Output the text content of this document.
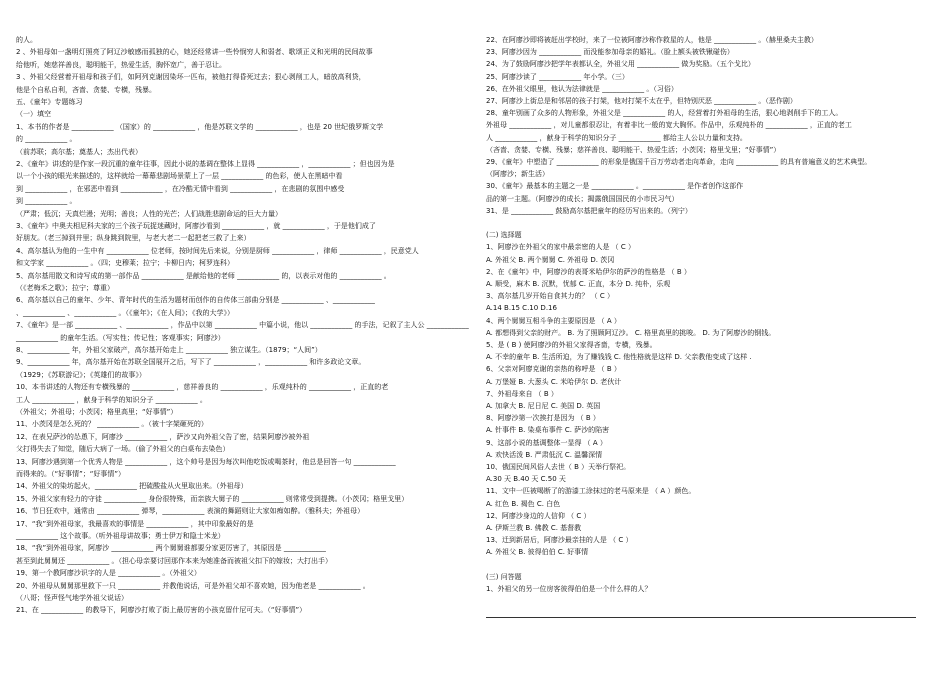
的人。
2 、外祖母如一盏明灯照亮了阿辽沙敏感而孤独的心，她还经常讲一些怜悯穷人和弱者、歌颂正义和光明的民间故事
给他听，她慈祥善良，聪明能干，热爱生活，胸怀宽广，善于忍让。
3 、外祖父经营着开祖母和孩子们，如阿列克谢因染坏一匹布，被他打得昏死过去；狠心剥削工人，暗放高利贷，
他是个自私自利，吝啬、贪婪、专横，残暴。
五、《童年》专题练习
（一）填空
1、本书的作者是 ____________ （国家）的 ____________ ，他是苏联文学的 ____________ ，也是 20 世纪俄罗斯文学
的 ____________ 。
（前苏联；高尔基；奠基人；杰出代表）
2、《童年》讲述的是作家一段沉重的童年往事，因此小说的基调在整体上显得 ____________ ，____________ ；但也因为是
以一个小孩的眼光来描述的，这样就给一幕幕悲剧场景蒙上了一层 ____________ 的色彩，使人在黑暗中看
到 ____________ ，在邪恶中看到 ____________ ，在冷酷无情中看到 ____________ ，在悲剧的氛围中感受
到 ____________ 。
（严肃；低沉；天真烂漫；光明；善良；人性的光芒；人们战胜悲剧命运的巨大力量）
3、《童年》中奥夫相尼科夫家的三个孩子玩捉迷藏时，阿廖沙看到 ____________ ，就 ____________ ，于是他们成了
好朋友。（老三掉到井里；纵身跳到院里，与老大老二一起把老三救了上来）
4、高尔基认为他的一生中有 ____________ 位老师，按时间先后来说，分别是厨师 ____________ ，律师 ____________ ，民意党人
和文学家 ____________ 。（四；史穆莱；拉宁；卡柳日内；柯罗连科）
5、高尔基用散文和诗写成的第一部作品 ____________ 是献给他的老师 ____________ 的，以表示对他的 ____________ 。
（《老梅禾之歌》；拉宁；尊重）
6、高尔基以自己的童年、少年、青年时代的生活为题材而创作的自传体三部曲分别是 ____________ 、____________
、____________ 、____________ 。（《童年》；《在人间》；《我的大学》）
7、《童年》是一部 ____________ 、____________ ，作品中以第 ____________ 中篇小说，他以 ____________ 的手法，记叙了主人公 ____________
____________ 的童年生活。（写实性；传记性；客观事实；阿廖沙）
8、____________ 年，外祖父家破产，高尔基开始走上 ____________ 独立谋生。（1879；“人间”）
9、____________ 年，高尔基开始在苏联全国展开之后，写下了 ____________ ，____________ 和许多政论文章。
（1929；《苏联游记》；《英雄们的故事》）
10、本书讲述的人物还有专横残暴的 ____________ ，慈祥善良的 ____________ ，乐观纯朴的 ____________ ，正直的老
工人 ____________ ，献身于科学的知识分子 ____________ 。
（外祖父；外祖母；小茨冈；格里高里；“好事情”）
11、小茨冈是怎么死的？ ____________ 。（被十字架砸死的）
12、在表兄萨沙的怂恿下，阿廖沙 ____________ ，萨沙又向外祖父告了密，结果阿廖沙被外祖
父打得失去了知觉，随后大病了一场。（偷了外祖父的白桌布去染色）
13、阿廖沙遇到第一个优秀人物是 ____________ ，这个帅号是因为每次叫他吃饭或喝茶时，他总是回答一句 ____________
而得来的。（“好事情”；“好事情”）
14、外祖父的染坊起火，____________ 把硫酸盐从火里取出来。（外祖母）
15、外祖父家有轻力的守徒 ____________ 身份很特殊，而亲族大舅子的 ____________ 则常常受到提携。（小茨冈；格里戈里）
16、节日狂欢中，通常由 ____________ 弹琴，____________ 表演的舞蹈则让大家如痴如醉。（雅科夫；外祖母）
17、“我”到外祖母家，我最喜欢的事情是 ____________ ，其中印象最好的是
____________ 这个故事。（听外祖母讲故事；勇士伊万和隐士米龙）
18、“我”到外祖母家，阿廖沙 ____________ 两个舅舅谁都要分家更厉害了，其原因是 ____________
甚至到此舅舅还 ____________ 。（担心母亲要讨回那作本来为她准备而被祖父扣下的嫁妆；大打出手）
19、第一个教阿廖沙识字的人是 ____________ 。（外祖父）
20、外祖母从舅舅那里救下一只 ____________ 并教他说话，可是外祖父却不喜欢她，因为他老是 ____________ 。
（八哥；怪声怪气地学外祖父说话）
21、在 ____________ 的教导下，阿廖沙打败了街上最厉害的小孩克留什尼可夫。（“好事情”）
22、在阿廖沙即将被赶出学校时，来了一位被阿廖沙称作救星的人，他是 ____________ 。（赫里桑夫主教）
23、阿廖沙因为 ____________ 而没能参加母亲的婚礼。（脸上额头被铁锹碰伤）
24、为了鼓励阿廖沙把学年表都认全，外祖父用 ____________ 做为奖励。（五个戈比）
25、阿廖沙读了 ____________ 年小学。（三）
26、在外祖父眼里，他认为法律就是 ____________ 。（习俗）
27、阿廖沙上街总是和邻居的孩子打架，他对打架不太在乎，但特别厌恶 ____________ 。（恶作剧）
28、童年别画了众多的人物形象，外祖父是 ____________ 的人，经营着打外祖母的生活，狠心地剥削手下的工人。
外祖母 ____________ ，对儿童都很忍让，有着非比一般的宽大胸怀。作品中，乐观纯朴的 ____________ ，正直的老工
人 ____________ ，献身于科学的知识分子 ____________ 都给主人公以力量和支持。
（吝啬、贪婪、专横、残暴；慈祥善良、聪明能干、热爱生活；小茨冈；格里戈里；“好事情”）
29、《童年》中塑造了 ____________ 的形象是俄国千百万劳动者走向革命，走向 ____________ 的具有普遍意义的艺术典型。
（阿廖沙；新生活）
30、《童年》最基本的主题之一是 ____________ 。____________ 是作者创作这部作
品的第一主题。（阿廖沙的成长；揭露俄国国民的小市民习气）
31、是 ____________ 鼓励高尔基把童年的经历写出来的。（列宁）
(二) 选择题
1、阿廖沙在外祖父的家中最亲密的人是 （ C ）
A. 外祖父 B. 两个舅舅 C. 外祖母 D. 茨冈
2、在《童年》中，阿廖沙的表哥米哈伊尔的萨沙的性格是 （ B ）
A. 顺受，麻木 B. 沉默，忧郁 C. 正直，本分 D. 纯朴，乐观
3、高尔基几岁开始自食其力的？ （ C ）
A.14 B.15 C.10 D.16
4、两个舅舅互相斗争的主要原因是 （ A ）
A. 都想得到父亲的财产。 B. 为了照顾阿辽沙。 C. 格里高里的挑唆。 D. 为了阿廖沙的钢钱。
5、是 ( B ) 使阿廖沙的外祖父家得吝啬，专横，残暴。
A. 不幸的童年 B. 生活所迫，为了赚钱钱 C. 他性格就是这样 D. 父亲教他变成了这样 .
6、父亲对阿廖克谢的亲热的称呼是 （ B ）
A. 万堡娅 B. 大葱头 C. 米哈伊尔 D. 老伙计
7、外祖母来自 （ B ）
A. 加拿大 B. 尼日尼 C. 美国 D. 英国
8、阿廖沙第一次挨打是因为 （ B ）
A. 针事件 B. 染桌布事件 C. 萨沙的陷害
9、这部小说的基调整体一显得 （ A ）
A. 欢快活泼 B. 严肃低沉 C. 温馨深情
10、俄国民间风俗人去世（ B ）天举行祭祀。
A.30 天 B.40 天 C.50 天
11、文中一匹被喝断了的游漆工涂抹过的老马原来是 （ A ）颜色。
A. 红色 B. 褐色 C. 白色
12、阿廖沙身边的人信仰 （ C ）
A. 伊斯兰教 B. 佛教 C. 基督教
13、迁到新居后，阿廖沙最亲挂的人是 （ C ）
A. 外祖父 B. 彼得伯伯 C. 好事情
(三) 问答题
1、外祖父的另一位房客彼得伯伯是一个什么样的人？
